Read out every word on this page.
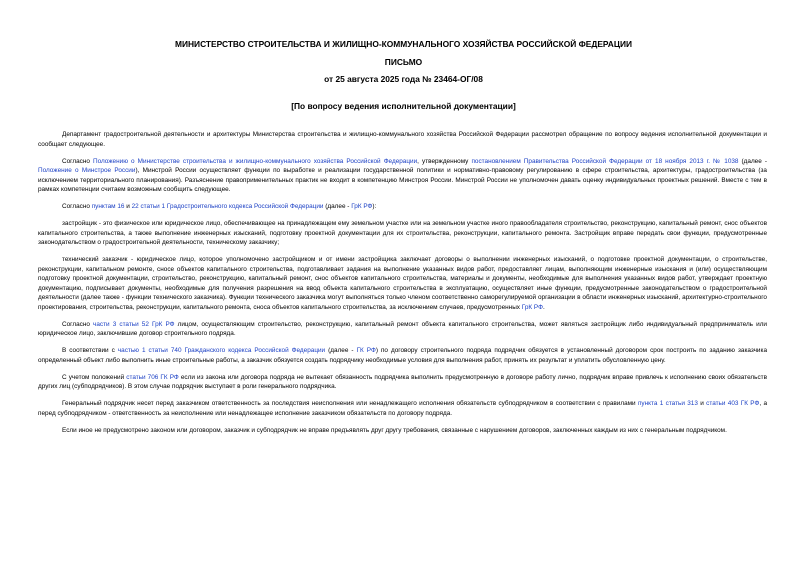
МИНИСТЕРСТВО СТРОИТЕЛЬСТВА И ЖИЛИЩНО-КОММУНАЛЬНОГО ХОЗЯЙСТВА РОССИЙСКОЙ ФЕДЕРАЦИИ
ПИСЬМО
от 25 августа 2025 года № 23464-ОГ/08
[По вопросу ведения исполнительной документации]

Департамент градостроительной деятельности и архитектуры Министерства строительства и жилищно-коммунального хозяйства Российской Федерации рассмотрел обращение по вопросу ведения исполнительной документации и сообщает следующее.

Согласно Положению о Министерстве строительства и жилищно-коммунального хозяйства Российской Федерации, утвержденному постановлением Правительства Российской Федерации от 18 ноября 2013 г. № 1038 (далее - Положение о Минстрое России), Минстрой России осуществляет функции по выработке и реализации государственной политики и нормативно-правовому регулированию в сфере строительства, архитектуры, градостроительства (за исключением территориального планирования). Разъяснение правоприменительных практик не входит в компетенцию Минстроя России. Минстрой России не уполномочен давать оценку индивидуальных проектных решений. Вместе с тем в рамках компетенции считаем возможным сообщить следующее.

Согласно пунктам 16 и 22 статьи 1 Градостроительного кодекса Российской Федерации (далее - ГрК РФ):

застройщик - это физическое или юридическое лицо, обеспечивающее на принадлежащем ему земельном участке или на земельном участке иного правообладателя строительство, реконструкцию, капитальный ремонт, снос объектов капитального строительства, а также выполнение инженерных изысканий, подготовку проектной документации для их строительства, реконструкции, капитального ремонта. Застройщик вправе передать свои функции, предусмотренные законодательством о градостроительной деятельности, техническому заказчику;

технический заказчик - юридическое лицо, которое уполномочено застройщиком и от имени застройщика заключает договоры о выполнении инженерных изысканий, о подготовке проектной документации, о строительстве, реконструкции, капитальном ремонте, сносе объектов капитального строительства, подготавливает задания на выполнение указанных видов работ, предоставляет лицам, выполняющим инженерные изыскания и (или) осуществляющим подготовку проектной документации, строительство, реконструкцию, капитальный ремонт, снос объектов капитального строительства, материалы и документы, необходимые для выполнения указанных видов работ, утверждает проектную документацию, подписывает документы, необходимые для получения разрешения на ввод объекта капитального строительства в эксплуатацию, осуществляет иные функции, предусмотренные законодательством о градостроительной деятельности (далее также - функции технического заказчика). Функции технического заказчика могут выполняться только членом соответственно саморегулируемой организации в области инженерных изысканий, архитектурно-строительного проектирования, строительства, реконструкции, капитального ремонта, сноса объектов капитального строительства, за исключением случаев, предусмотренных ГрК РФ.

Согласно части 3 статьи 52 ГрК РФ лицом, осуществляющим строительство, реконструкцию, капитальный ремонт объекта капитального строительства, может являться застройщик либо индивидуальный предприниматель или юридическое лицо, заключившие договор строительного подряда.

В соответствии с частью 1 статьи 740 Гражданского кодекса Российской Федерации (далее - ГК РФ) по договору строительного подряда подрядчик обязуется в установленный договором срок построить по заданию заказчика определенный объект либо выполнить иные строительные работы, а заказчик обязуется создать подрядчику необходимые условия для выполнения работ, принять их результат и уплатить обусловленную цену.

С учетом положений статьи 706 ГК РФ если из закона или договора подряда не вытекает обязанность подрядчика выполнить предусмотренную в договоре работу лично, подрядчик вправе привлечь к исполнению своих обязательств других лиц (субподрядчиков). В этом случае подрядчик выступает в роли генерального подрядчика.

Генеральный подрядчик несет перед заказчиком ответственность за последствия неисполнения или ненадлежащего исполнения обязательств субподрядчиком в соответствии с правилами пункта 1 статьи 313 и статьи 403 ГК РФ, а перед субподрядчиком - ответственность за неисполнение или ненадлежащее исполнение заказчиком обязательств по договору подряда.

Если иное не предусмотрено законом или договором, заказчик и субподрядчик не вправе предъявлять друг другу требования, связанные с нарушением договоров, заключенных каждым из них с генеральным подрядчиком.
